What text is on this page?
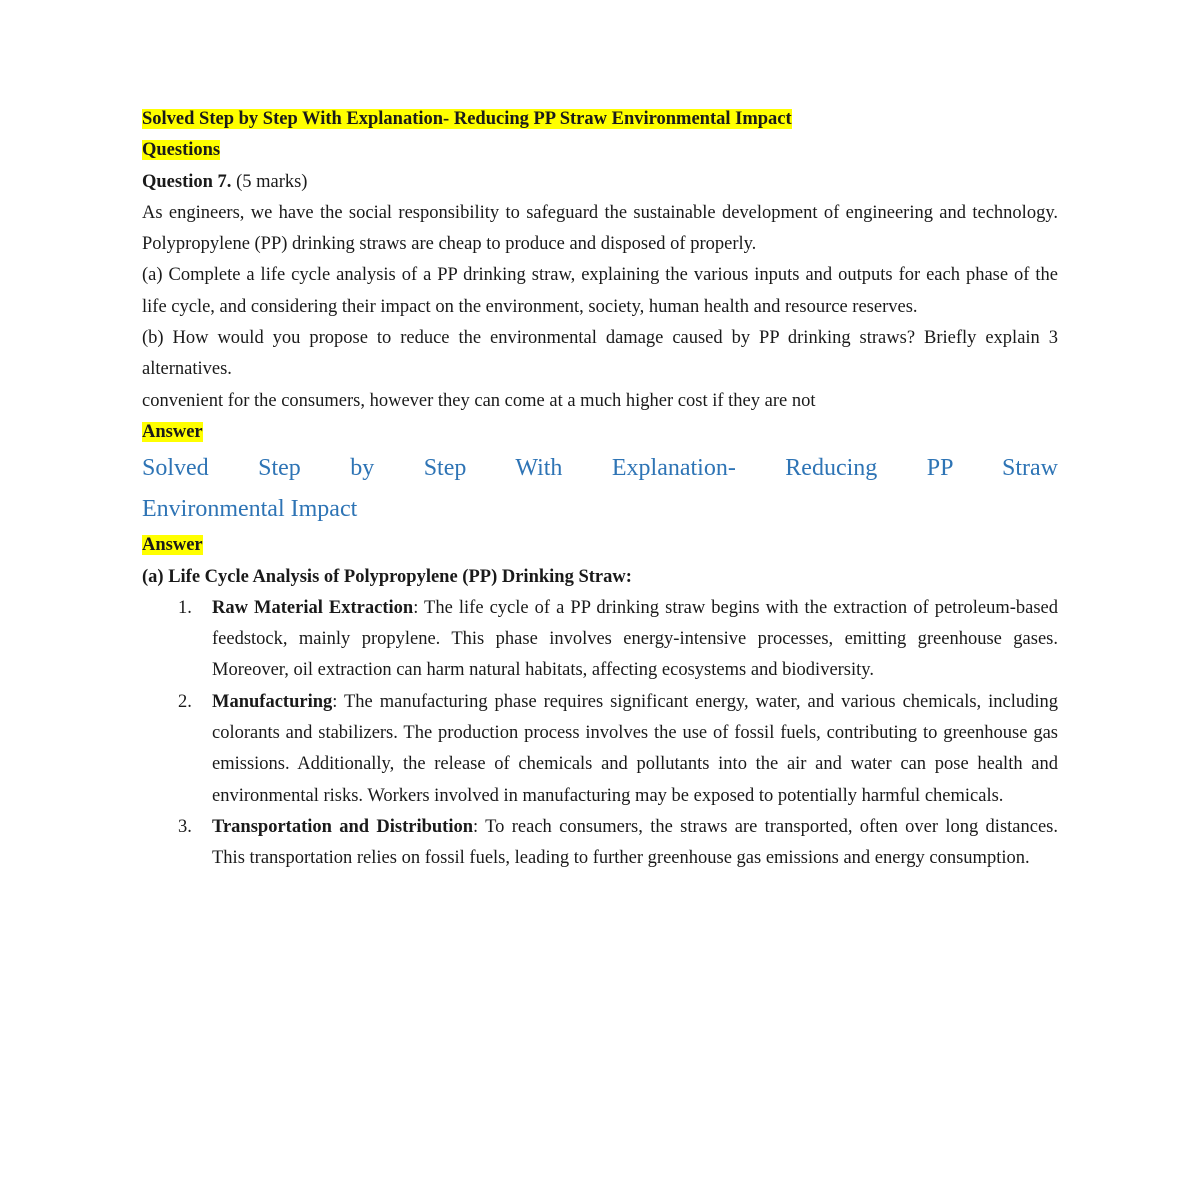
Solved Step by Step With Explanation- Reducing PP Straw Environmental Impact

Questions

Question 7. (5 marks)

As engineers, we have the social responsibility to safeguard the sustainable development of engineering and technology. Polypropylene (PP) drinking straws are cheap to produce and disposed of properly.

(a) Complete a life cycle analysis of a PP drinking straw, explaining the various inputs and outputs for each phase of the life cycle, and considering their impact on the environment, society, human health and resource reserves.

(b) How would you propose to reduce the environmental damage caused by PP drinking straws? Briefly explain 3 alternatives.

convenient for the consumers, however they can come at a much higher cost if they are not

Answer

Solved Step by Step With Explanation- Reducing PP Straw
Environmental Impact

Answer

(a) Life Cycle Analysis of Polypropylene (PP) Drinking Straw:

1. Raw Material Extraction: The life cycle of a PP drinking straw begins with the extraction of petroleum-based feedstock, mainly propylene. This phase involves energy-intensive processes, emitting greenhouse gases. Moreover, oil extraction can harm natural habitats, affecting ecosystems and biodiversity.
2. Manufacturing: The manufacturing phase requires significant energy, water, and various chemicals, including colorants and stabilizers. The production process involves the use of fossil fuels, contributing to greenhouse gas emissions. Additionally, the release of chemicals and pollutants into the air and water can pose health and environmental risks. Workers involved in manufacturing may be exposed to potentially harmful chemicals.
3. Transportation and Distribution: To reach consumers, the straws are transported, often over long distances. This transportation relies on fossil fuels, leading to further greenhouse gas emissions and energy consumption.
